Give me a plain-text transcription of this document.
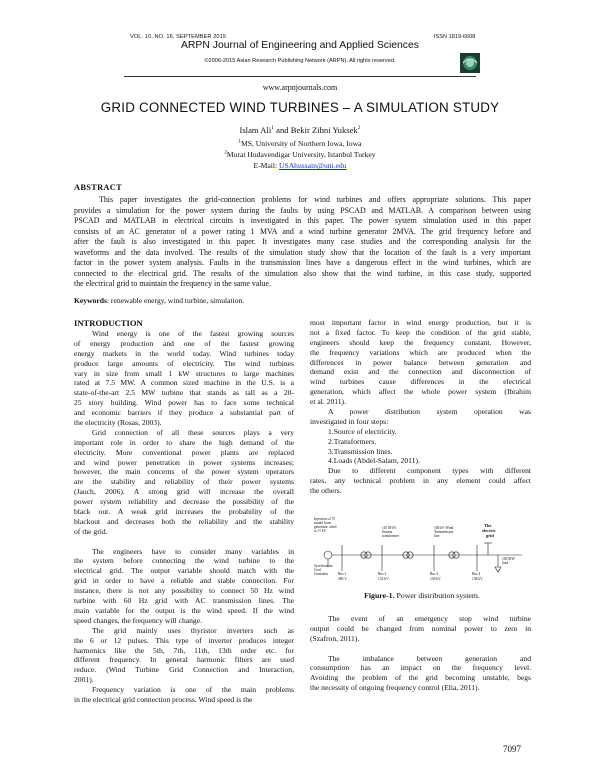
VOL. 10, NO. 16, SEPTEMBER 2015	ISSN 1819-6608
ARPN Journal of Engineering and Applied Sciences
©2006-2015 Asian Research Publishing Network (ARPN). All rights reserved.
www.arpnjournals.com
GRID CONNECTED WIND TURBINES – A SIMULATION STUDY
Islam Ali$^1$ and Bekir Zihni Yuksek$^2$
$^1$MS, University of Northern Iowa, Iowa
$^2$Murat Hudavendigar University, Istanbul Turkey
E-Mail: USAhussain@uni.edu
ABSTRACT
This paper investigates the grid-connection problems for wind turbines and offers appropriate solutions. This paper
provides a simulation for the power system during the faults by using PSCAD and MATLAB. A comparison between using
PSCAD and MATLAB in electrical circuits is investigated in this paper. The power system simulation used in this paper
consists of an AC generator of a power rating 1 MVA and a wind turbine generator 2MVA. The grid frequency before and
after the fault is also investigated in this paper. It investigates many case studies and the corresponding analysis for the
waveforms and the data involved. The results of the simulation study show that the location of the fault is a very important
factor in the power system analysis. Faults in the transmission lines have a dangerous effect in the wind turbines, which are
connected to the electrical grid. The results of the simulation also show that the wind turbine, in this case study, supported
the electrical grid to maintain the frequency in the same value.
Keywords: renewable energy, wind turbine, simulation.
INTRODUCTION
Wind energy is one of the fastest growing sources
of energy production and one of the fastest growing
energy markets in the world today. Wind turbines today
produce large amounts of electricity. The wind turbines
vary in size from small 1 kW structures to large machines
rated at 7.5 MW. A common sized machine in the U.S. is a
state-of-the-art 2.5 MW turbine that stands as tall as a 20-
25 story building. Wind power has to face some technical
and economic barriers if they produce a substantial part of
the electricity (Rosas, 2003).
Grid connection of all these sources plays a very
important role in order to share the high demand of the
electricity. More conventional power plants are replaced
and wind power penetration in power systems increases;
however, the main concerns of the power system operators
are the stability and reliability of their power systems
(Jauch, 2006). A strong grid will increase the overall
power system reliability and decrease the possibility of the
black out. A weak grid increases the probability of the
blackout and decreases both the reliability and the stability
of the grid.
The engineers have to consider many variables in
the system before connecting the wind turbine to the
electrical grid. The output variable should match with the
grid in order to have a reliable and stable connection. For
instance, there is not any possibility to connect 50 Hz wind
turbine with 60 Hz grid with AC transmission lines. The
main variable for the output is the wind speed. If the wind
speed changes, the frequency will change.
The grid mainly uses thyristor inverters such as
the 6 or 12 pulses. This type of inverter produces integer
harmonics like the 5th, 7th, 11th, 13th order etc. for
different frequency. In general harmonic filters are used
reduce. (Wind Turbine Grid Connection and Interaction,
2001).
Frequency variation is one of the main problems
in the electrical grid connection process. Wind speed is the
most important factor in wind energy production, but it is
not a fixed factor. To keep the condition of the grid stable,
engineers should keep the frequency constant. However,
the frequency variations which are produced when the
differences in power balance between generation and
demand exist and the connection and disconnection of
wind turbines cause differences in the electrical
generation, which affect the whole power system (Ibrahim
et al. 2011).
A power distribution system operation was
investigated in four steps:
1.Source of electricity.
2.Transformers.
3.Transmission lines.
4.Loads (Abdel-Salam, 2011).
Due to different component types with different
rates, any technical problem in any element could affect
the others.
Injection of 75 model from generator, rated at 11 kV
110 MVA Station transformer
100 kV Wind Transmission line
The electric grid
Synchronous Grid Generator	Bus 1
480 V
Bus 2
132 kV
Bus 3
138 kV
Bus 4
138 kV
100 MW load
Figure-1. Power distribution system.
The event of an emergency stop wind turbine
output could be changed from nominal power to zero in
(Szafron, 2011).
The imbalance between generation and
consumption has an impact on the frequency level.
Avoiding the problem of the grid becoming unstable, begs
the necessity of ongoing frequency control (Elia, 2011).
7097
